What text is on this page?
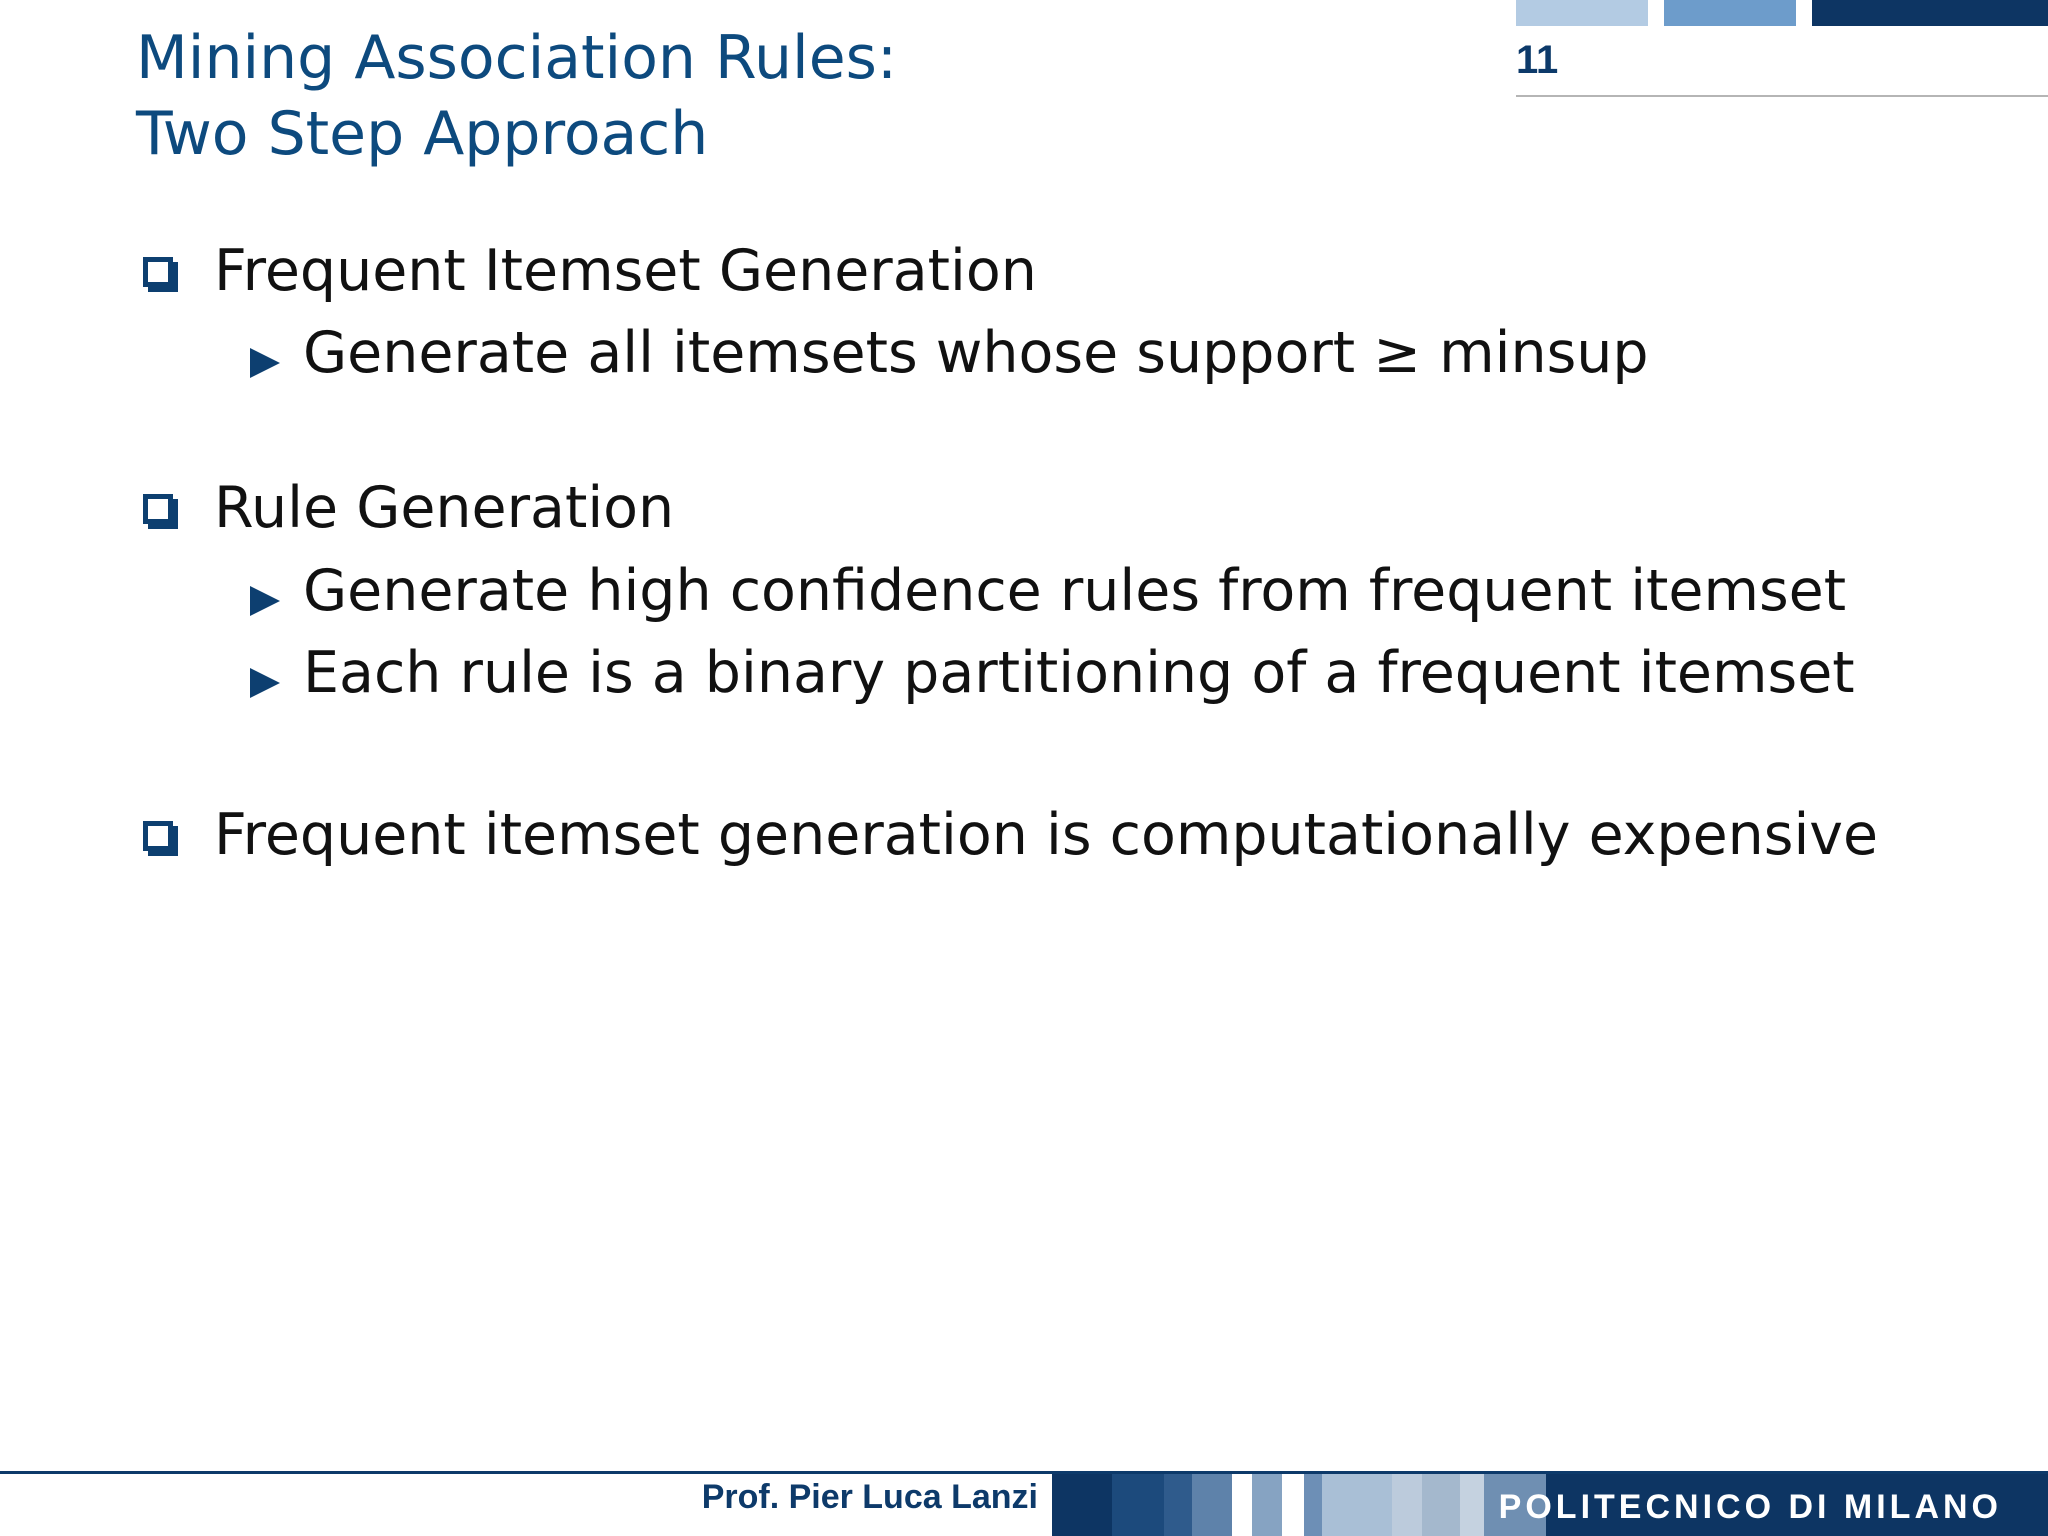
Mining Association Rules:
Two Step Approach
11
Frequent Itemset Generation
Generate all itemsets whose support ≥ minsup
Rule Generation
Generate high confidence rules from frequent itemset
Each rule is a binary partitioning of a frequent itemset
Frequent itemset generation is computationally expensive
Prof. Pier Luca Lanzi	POLITECNICO DI MILANO
